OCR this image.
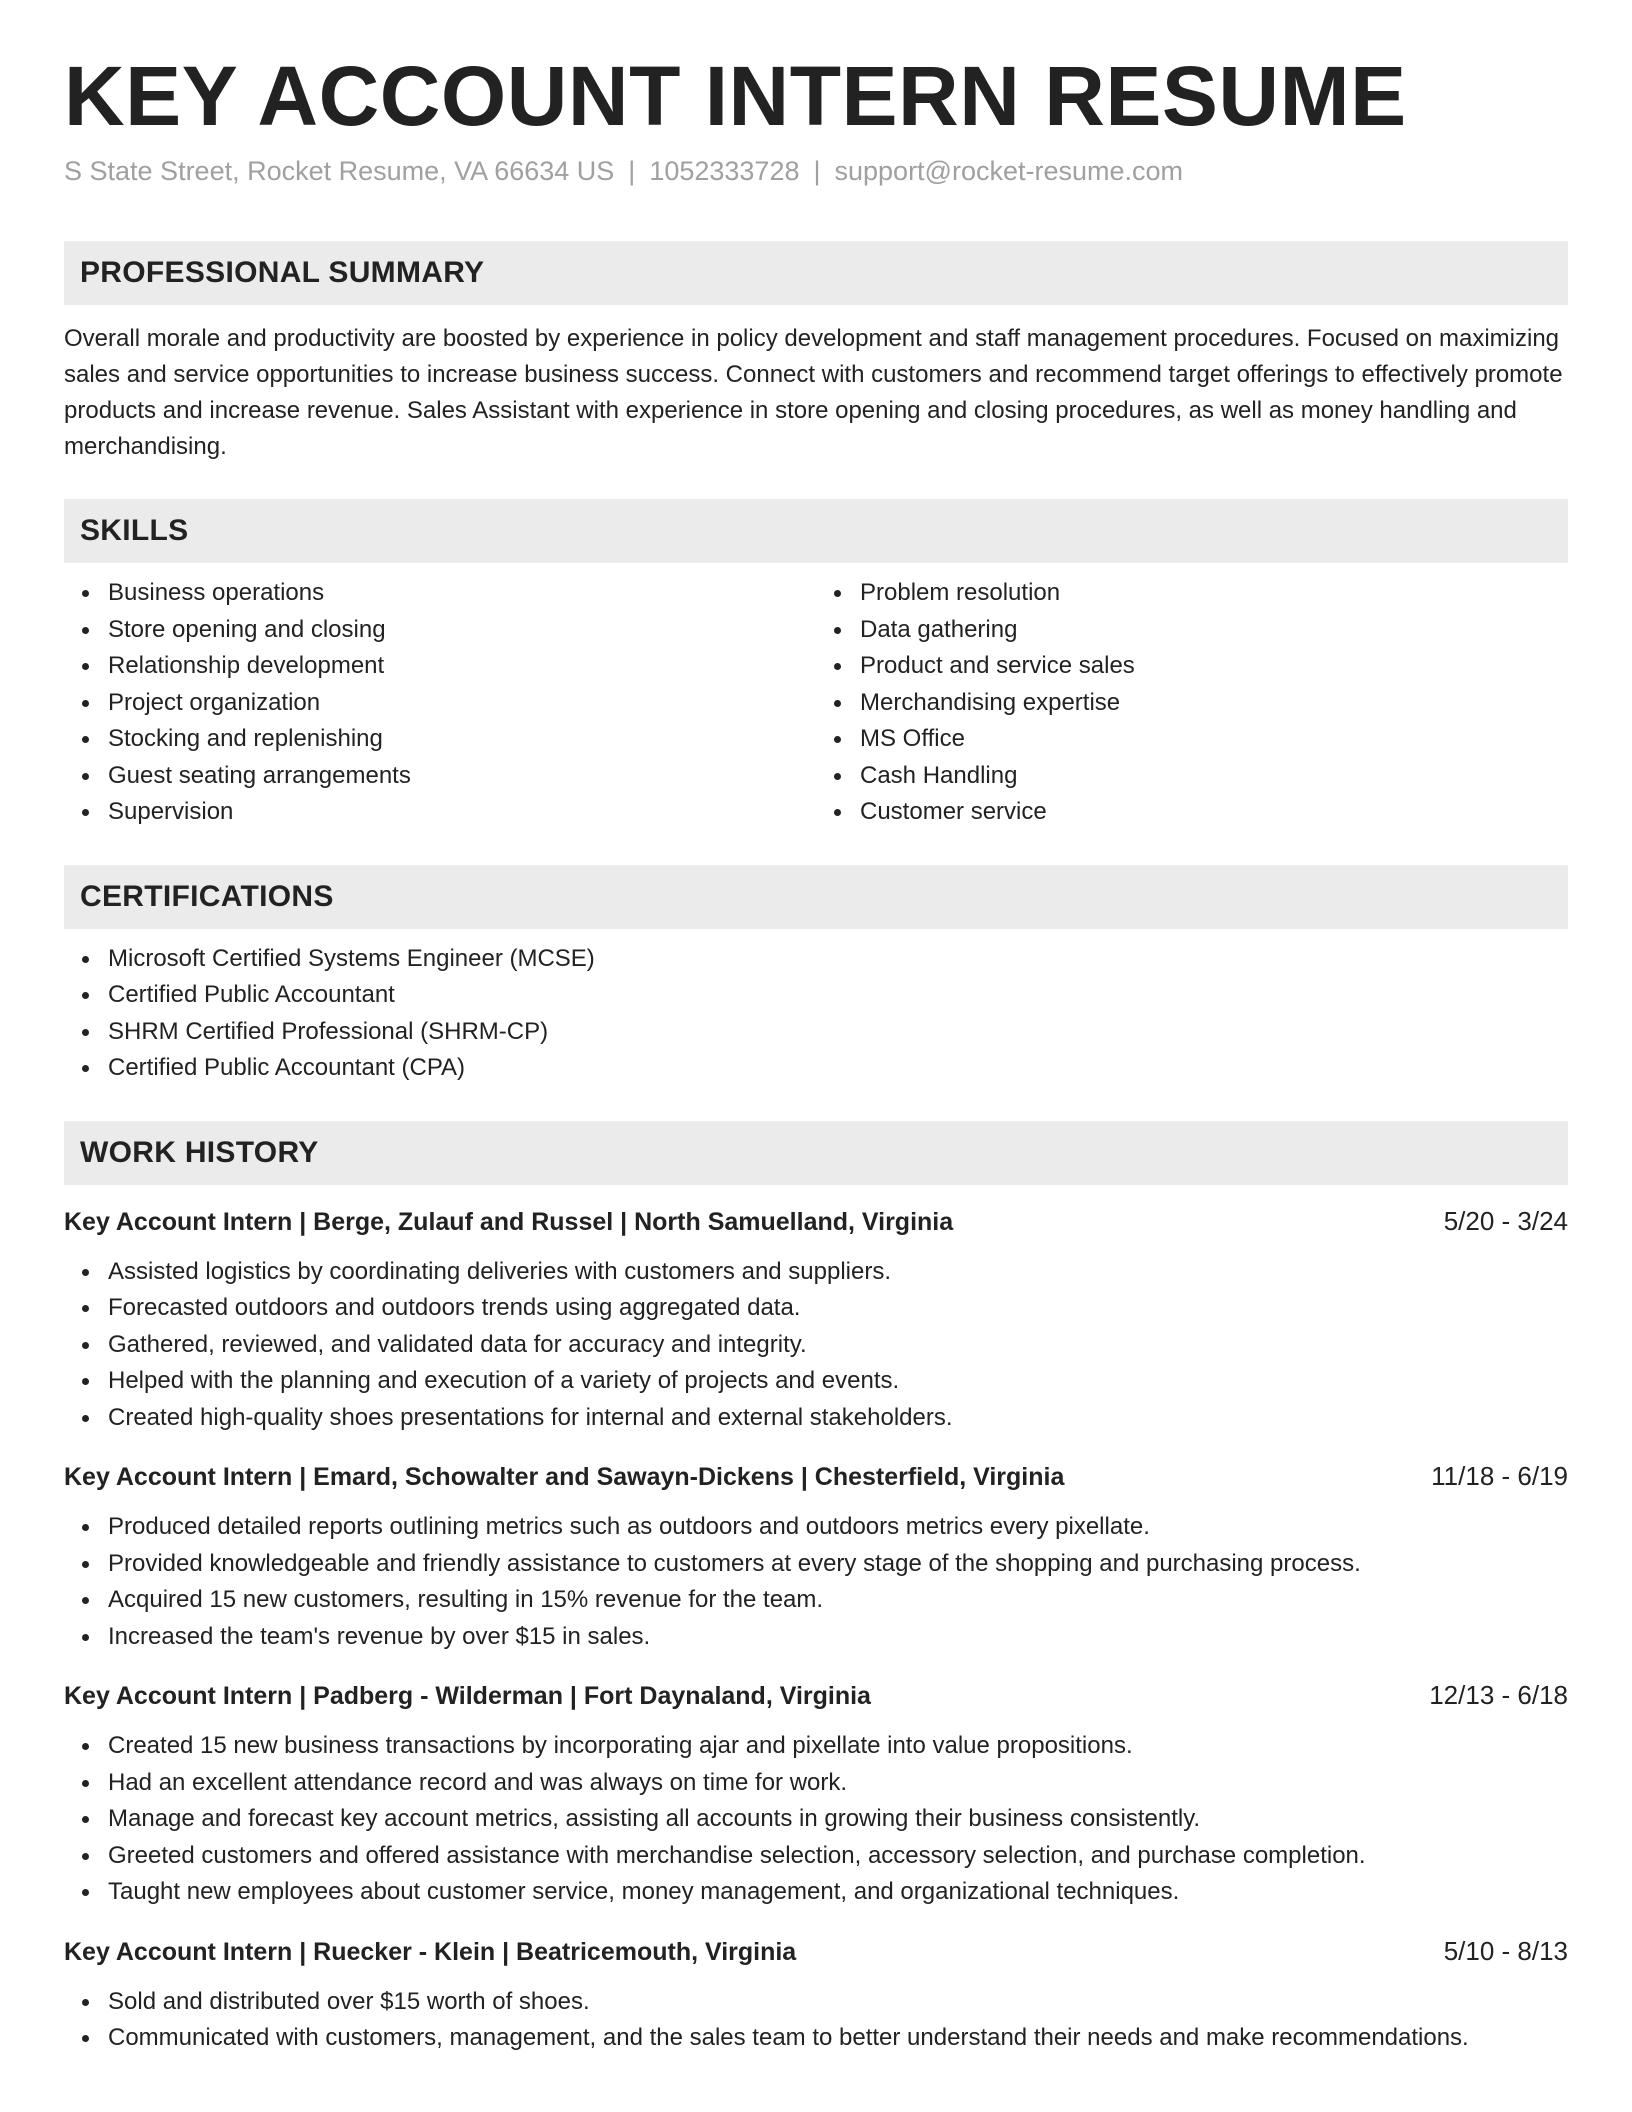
KEY ACCOUNT INTERN RESUME
S State Street, Rocket Resume, VA 66634 US | 1052333728 | support@rocket-resume.com
PROFESSIONAL SUMMARY
Overall morale and productivity are boosted by experience in policy development and staff management procedures. Focused on maximizing sales and service opportunities to increase business success. Connect with customers and recommend target offerings to effectively promote products and increase revenue. Sales Assistant with experience in store opening and closing procedures, as well as money handling and merchandising.
SKILLS
Business operations
Store opening and closing
Relationship development
Project organization
Stocking and replenishing
Guest seating arrangements
Supervision
Problem resolution
Data gathering
Product and service sales
Merchandising expertise
MS Office
Cash Handling
Customer service
CERTIFICATIONS
Microsoft Certified Systems Engineer (MCSE)
Certified Public Accountant
SHRM Certified Professional (SHRM-CP)
Certified Public Accountant (CPA)
WORK HISTORY
Key Account Intern | Berge, Zulauf and Russel | North Samuelland, Virginia	5/20 - 3/24
Assisted logistics by coordinating deliveries with customers and suppliers.
Forecasted outdoors and outdoors trends using aggregated data.
Gathered, reviewed, and validated data for accuracy and integrity.
Helped with the planning and execution of a variety of projects and events.
Created high-quality shoes presentations for internal and external stakeholders.
Key Account Intern | Emard, Schowalter and Sawayn-Dickens | Chesterfield, Virginia	11/18 - 6/19
Produced detailed reports outlining metrics such as outdoors and outdoors metrics every pixellate.
Provided knowledgeable and friendly assistance to customers at every stage of the shopping and purchasing process.
Acquired 15 new customers, resulting in 15% revenue for the team.
Increased the team's revenue by over $15 in sales.
Key Account Intern | Padberg - Wilderman | Fort Daynaland, Virginia	12/13 - 6/18
Created 15 new business transactions by incorporating ajar and pixellate into value propositions.
Had an excellent attendance record and was always on time for work.
Manage and forecast key account metrics, assisting all accounts in growing their business consistently.
Greeted customers and offered assistance with merchandise selection, accessory selection, and purchase completion.
Taught new employees about customer service, money management, and organizational techniques.
Key Account Intern | Ruecker - Klein | Beatricemouth, Virginia	5/10 - 8/13
Sold and distributed over $15 worth of shoes.
Communicated with customers, management, and the sales team to better understand their needs and make recommendations.
